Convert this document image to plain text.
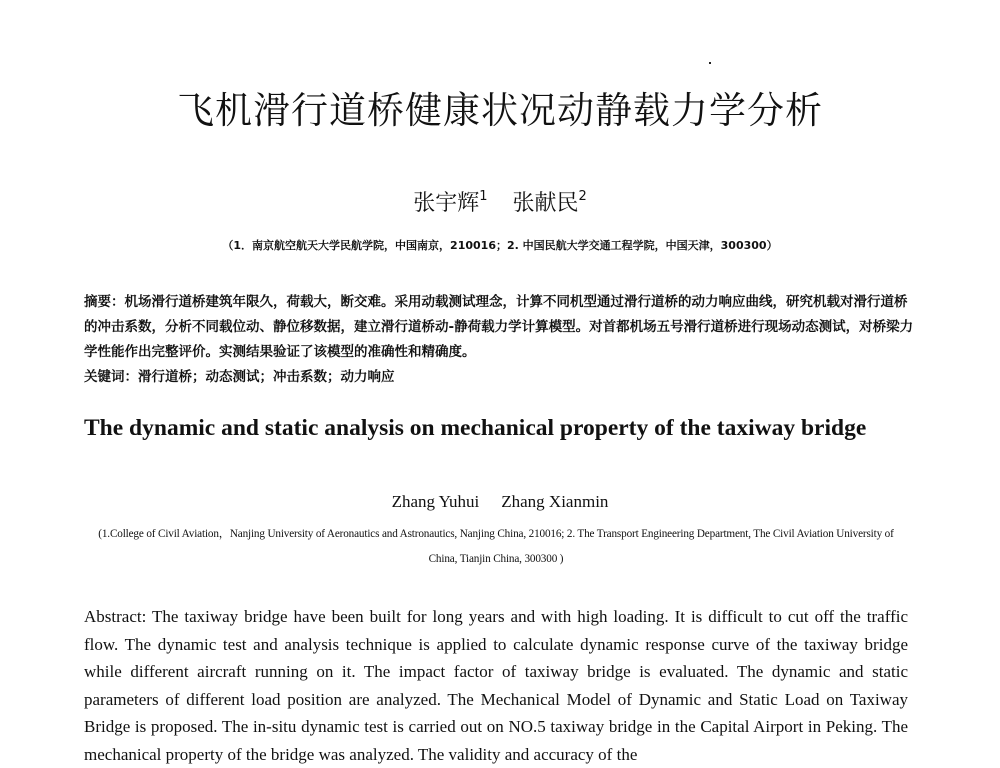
飞机滑行道桥健康状况动静载力学分析
张宇辉$^1$ 张献民$^2$
（1．南京航空航天大学民航学院，中国南京，210016；2. 中国民航大学交通工程学院，中国天津，300300）

摘要：机场滑行道桥建筑年限久，荷载大，断交难。采用动载测试理念，计算不同机型通过滑行道桥的动力响应曲线，研究机载对滑行道桥的冲击系数，分析不同载位动、静位移数据，建立滑行道桥动-静荷载力学计算模型。对首都机场五号滑行道桥进行现场动态测试，对桥梁力学性能作出完整评价。实测结果验证了该模型的准确性和精确度。

关键词：滑行道桥；动态测试；冲击系数；动力响应

The dynamic and static analysis on mechanical property of the taxiway bridge
Zhang Yuhui Zhang Xianmin
(1.College of Civil Aviation，Nanjing University of Aeronautics and Astronautics, Nanjing China, 210016; 2. The Transport Engineering Department, The Civil Aviation University of China, Tianjin China, 300300 )
Abstract: The taxiway bridge have been built for long years and with high loading. It is difficult to cut off the traffic flow. The dynamic test and analysis technique is applied to calculate dynamic response curve of the taxiway bridge while different aircraft running on it. The impact factor of taxiway bridge is evaluated. The dynamic and static parameters of different load position are analyzed. The Mechanical Model of Dynamic and Static Load on Taxiway Bridge is proposed. The in-situ dynamic test is carried out on NO.5 taxiway bridge in the Capital Airport in Peking. The mechanical property of the bridge was analyzed. The validity and accuracy of the
